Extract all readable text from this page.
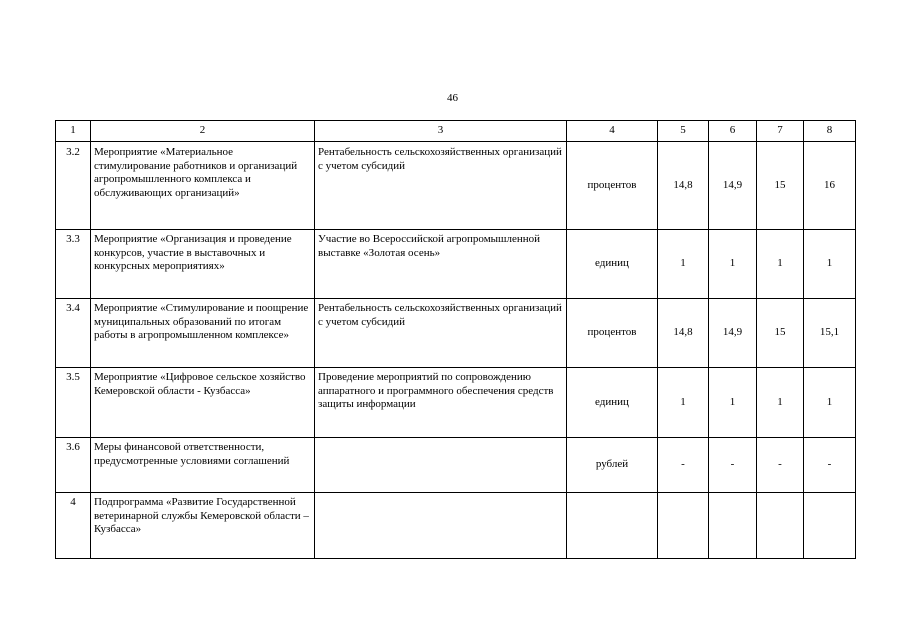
46
1	2	3	4	5	6	7	8
3.2	Мероприятие «Материальное стимулирование работников и организаций агропромышленного комплекса и обслуживающих организаций»	Рентабельность сельскохозяйственных организаций с учетом субсидий	процентов	14,8	14,9	15	16
3.3	Мероприятие «Организация и проведение конкурсов, участие в выставочных и конкурсных мероприятиях»	Участие во Всероссийской агропромышленной выставке «Золотая осень»	единиц	1	1	1	1
3.4	Мероприятие «Стимулирование и поощрение муниципальных образований по итогам работы в агропромышленном комплексе»	Рентабельность сельскохозяйственных организаций с учетом субсидий	процентов	14,8	14,9	15	15,1
3.5	Мероприятие «Цифровое сельское хозяйство Кемеровской области - Кузбасса»	Проведение мероприятий по сопровождению аппаратного и программного обеспечения средств защиты информации	единиц	1	1	1	1
3.6	Меры финансовой ответственности, предусмотренные условиями соглашений		рублей	-	-	-	-
4	Подпрограмма «Развитие Государственной ветеринарной службы Кемеровской области – Кузбасса»						
